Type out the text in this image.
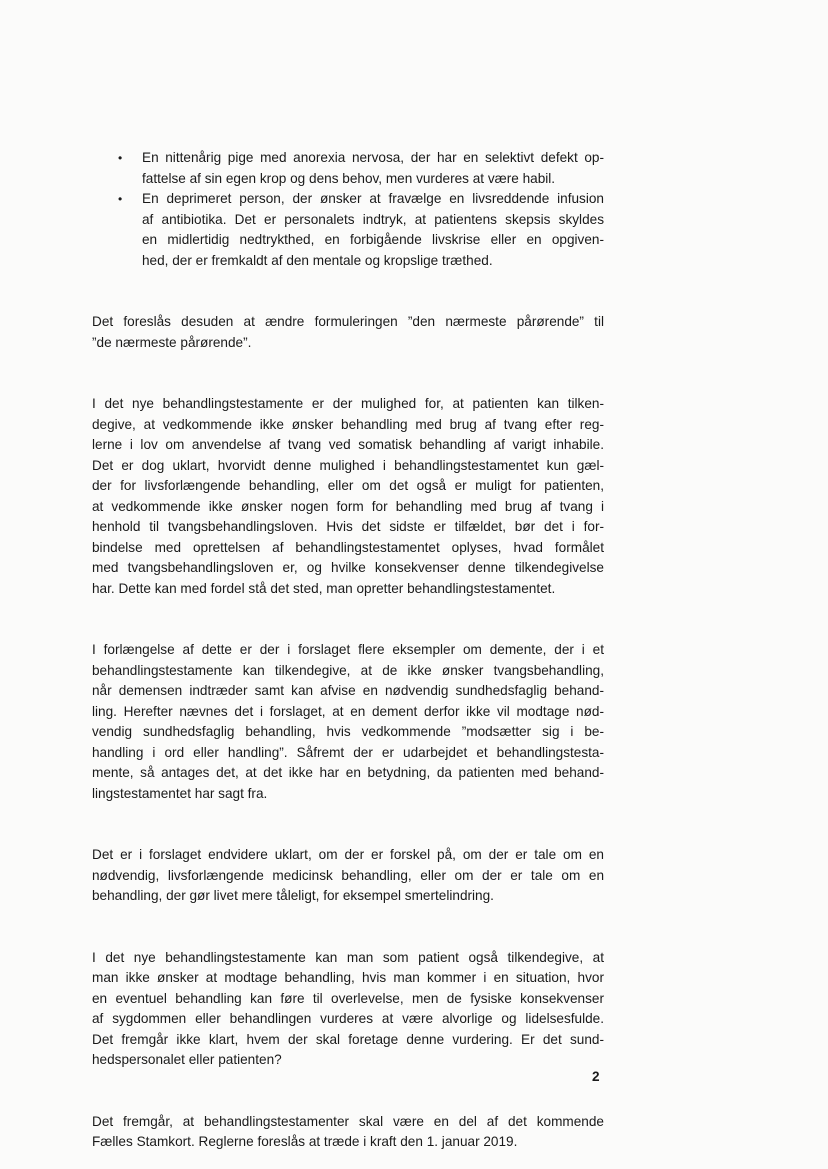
• En nittenårig pige med anorexia nervosa, der har en selektivt defekt op-
fattelse af sin egen krop og dens behov, men vurderes at være habil.
• En deprimeret person, der ønsker at fravælge en livsreddende infusion
af antibiotika. Det er personalets indtryk, at patientens skepsis skyldes
en midlertidig nedtrykthed, en forbigående livskrise eller en opgiven-
hed, der er fremkaldt af den mentale og kropslige træthed.

Det foreslås desuden at ændre formuleringen ”den nærmeste pårørende” til
”de nærmeste pårørende”.

I det nye behandlingstestamente er der mulighed for, at patienten kan tilken-
degive, at vedkommende ikke ønsker behandling med brug af tvang efter reg-
lerne i lov om anvendelse af tvang ved somatisk behandling af varigt inhabile.
Det er dog uklart, hvorvidt denne mulighed i behandlingstestamentet kun gæl-
der for livsforlængende behandling, eller om det også er muligt for patienten,
at vedkommende ikke ønsker nogen form for behandling med brug af tvang i
henhold til tvangsbehandlingsloven. Hvis det sidste er tilfældet, bør det i for-
bindelse med oprettelsen af behandlingstestamentet oplyses, hvad formålet
med tvangsbehandlingsloven er, og hvilke konsekvenser denne tilkendegivelse
har. Dette kan med fordel stå det sted, man opretter behandlingstestamentet.

I forlængelse af dette er der i forslaget flere eksempler om demente, der i et
behandlingstestamente kan tilkendegive, at de ikke ønsker tvangsbehandling,
når demensen indtræder samt kan afvise en nødvendig sundhedsfaglig behand-
ling. Herefter nævnes det i forslaget, at en dement derfor ikke vil modtage nød-
vendig sundhedsfaglig behandling, hvis vedkommende ”modsætter sig i be-
handling i ord eller handling”. Såfremt der er udarbejdet et behandlingstesta-
mente, så antages det, at det ikke har en betydning, da patienten med behand-
lingstestamentet har sagt fra.

Det er i forslaget endvidere uklart, om der er forskel på, om der er tale om en
nødvendig, livsforlængende medicinsk behandling, eller om der er tale om en
behandling, der gør livet mere tåleligt, for eksempel smertelindring.

I det nye behandlingstestamente kan man som patient også tilkendegive, at
man ikke ønsker at modtage behandling, hvis man kommer i en situation, hvor
en eventuel behandling kan føre til overlevelse, men de fysiske konsekvenser
af sygdommen eller behandlingen vurderes at være alvorlige og lidelsesfulde.
Det fremgår ikke klart, hvem der skal foretage denne vurdering. Er det sund-
hedspersonalet eller patienten?

Det fremgår, at behandlingstestamenter skal være en del af det kommende
Fælles Stamkort. Reglerne foreslås at træde i kraft den 1. januar 2019.

2
